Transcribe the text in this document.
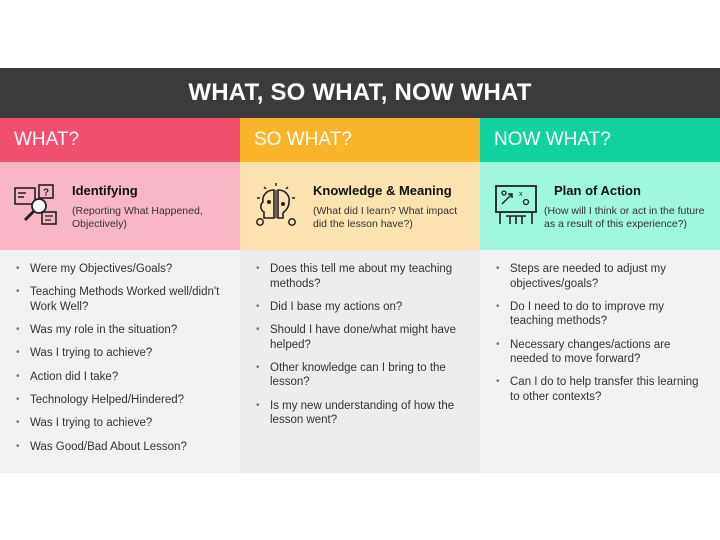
WHAT, SO WHAT, NOW WHAT
WHAT?
? Identifying
(Reporting What Happened, Objectively)
• Were my Objectives/Goals?
• Teaching Methods Worked well/didn't Work Well?
• Was my role in the situation?
• Was I trying to achieve?
• Action did I take?
• Technology Helped/Hindered?
• Was I trying to achieve?
• Was Good/Bad About Lesson?
SO WHAT?
Knowledge & Meaning
(What did I learn? What impact did the lesson have?)
• Does this tell me about my teaching methods?
• Did I base my actions on?
• Should I have done/what might have helped?
• Other knowledge can I bring to the lesson?
• Is my new understanding of how the lesson went?
NOW WHAT?
x Plan of Action
(How will I think or act in the future as a result of this experience?)
• Steps are needed to adjust my objectives/goals?
• Do I need to do to improve my teaching methods?
• Necessary changes/actions are needed to move forward?
• Can I do to help transfer this learning to other contexts?
